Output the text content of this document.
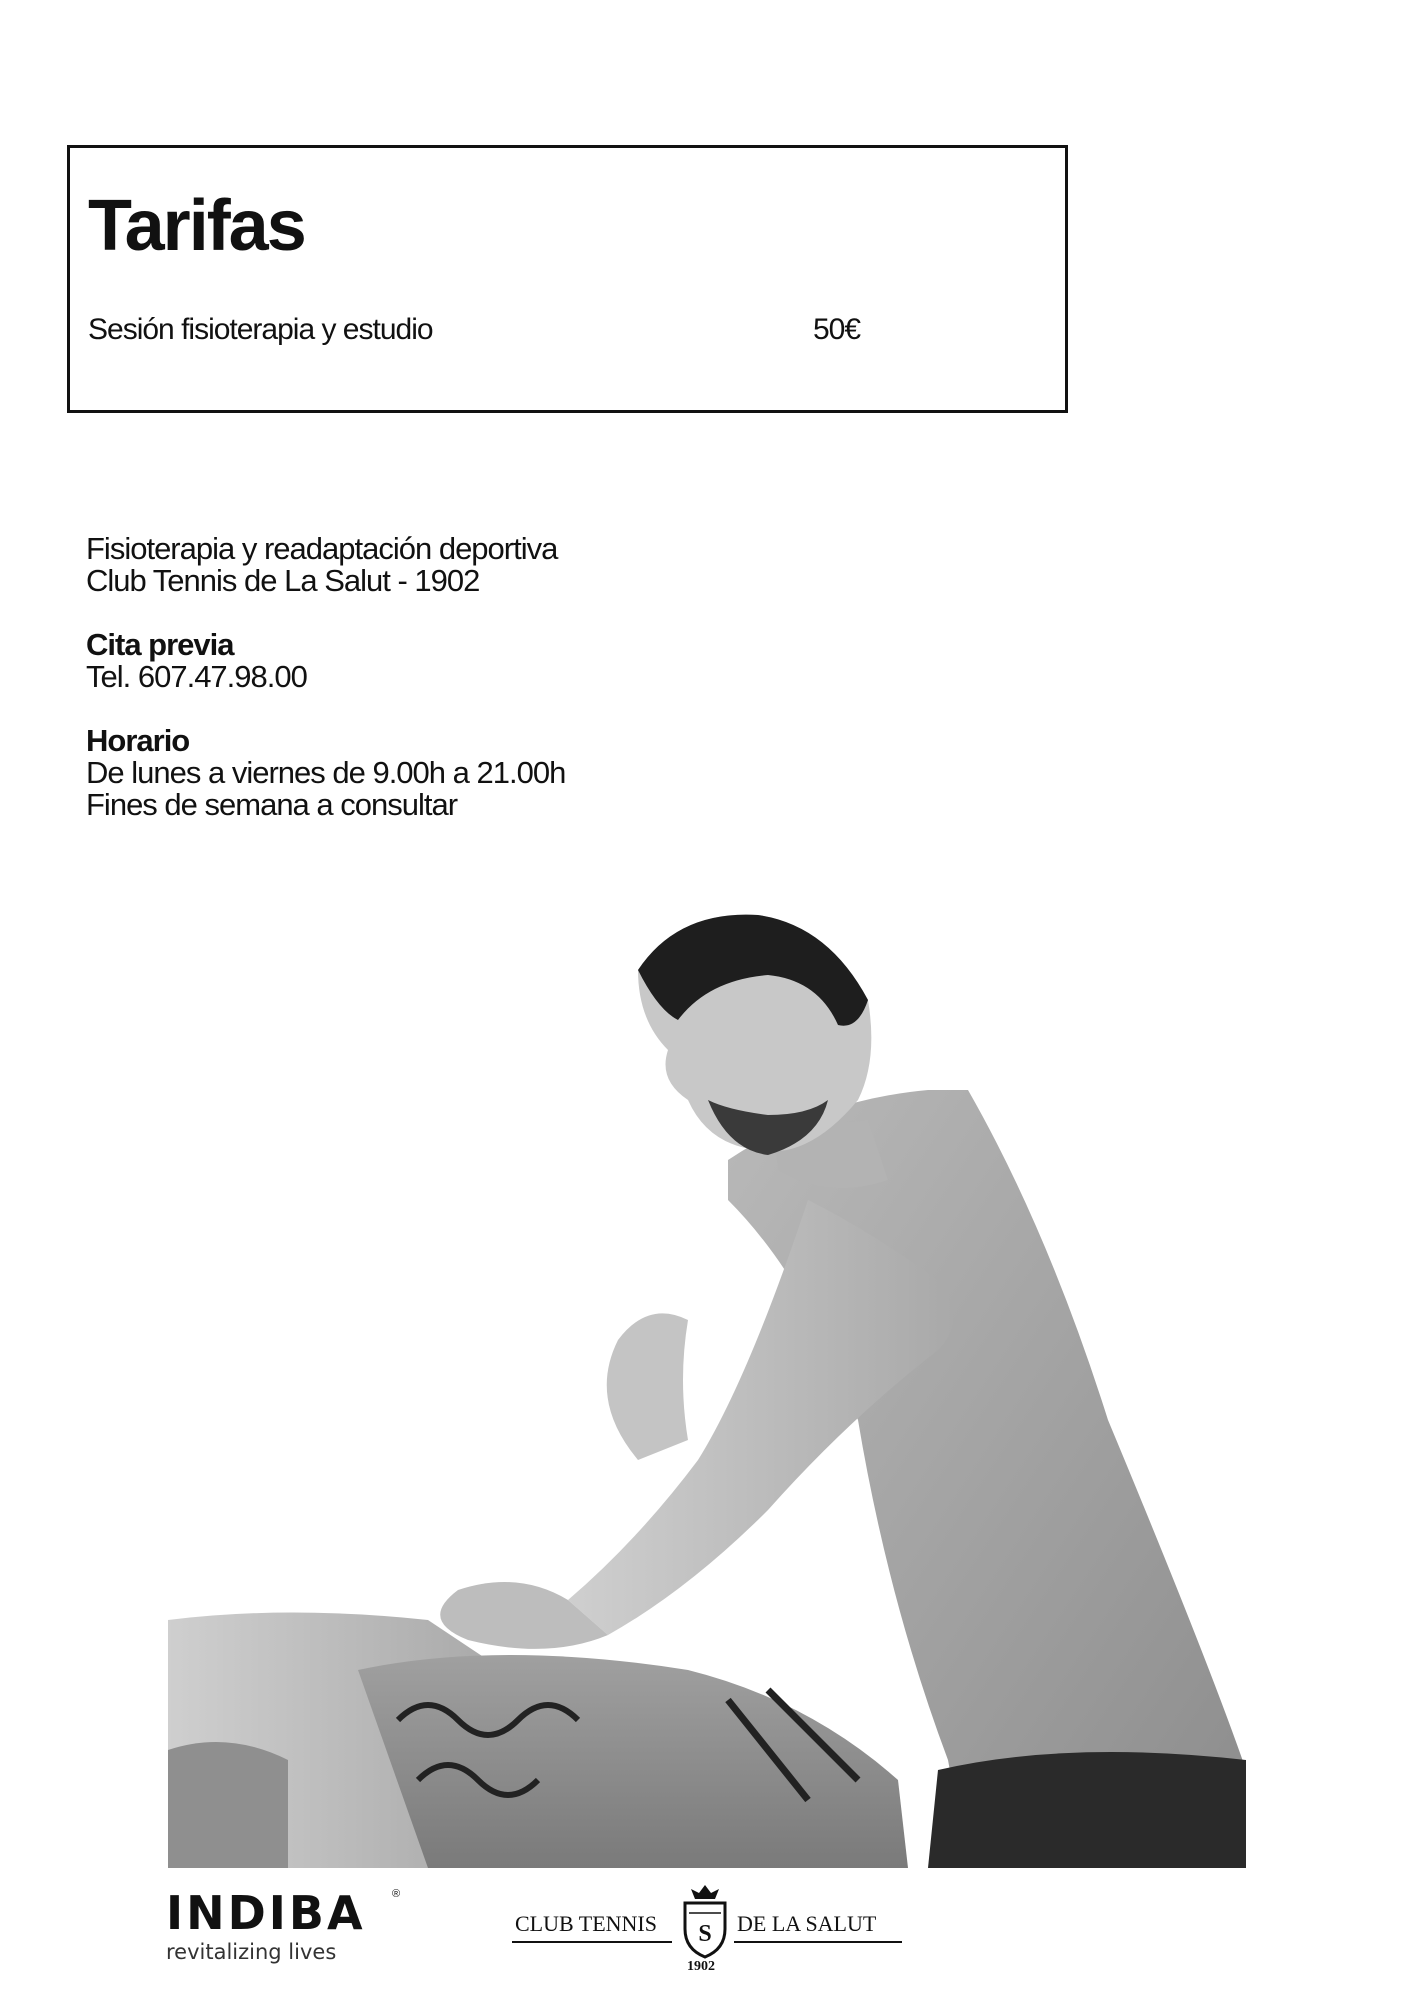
Tarifas
Sesión fisioterapia y estudio	50€
Fisioterapia y readaptación deportiva
Club Tennis de La Salut - 1902
Cita previa
Tel. 607.47.98.00
Horario
De lunes a viernes de 9.00h a 21.00h
Fines de semana a consultar
INDIBA ®
revitalizing lives
CLUB TENNIS S DE LA SALUT
1902
